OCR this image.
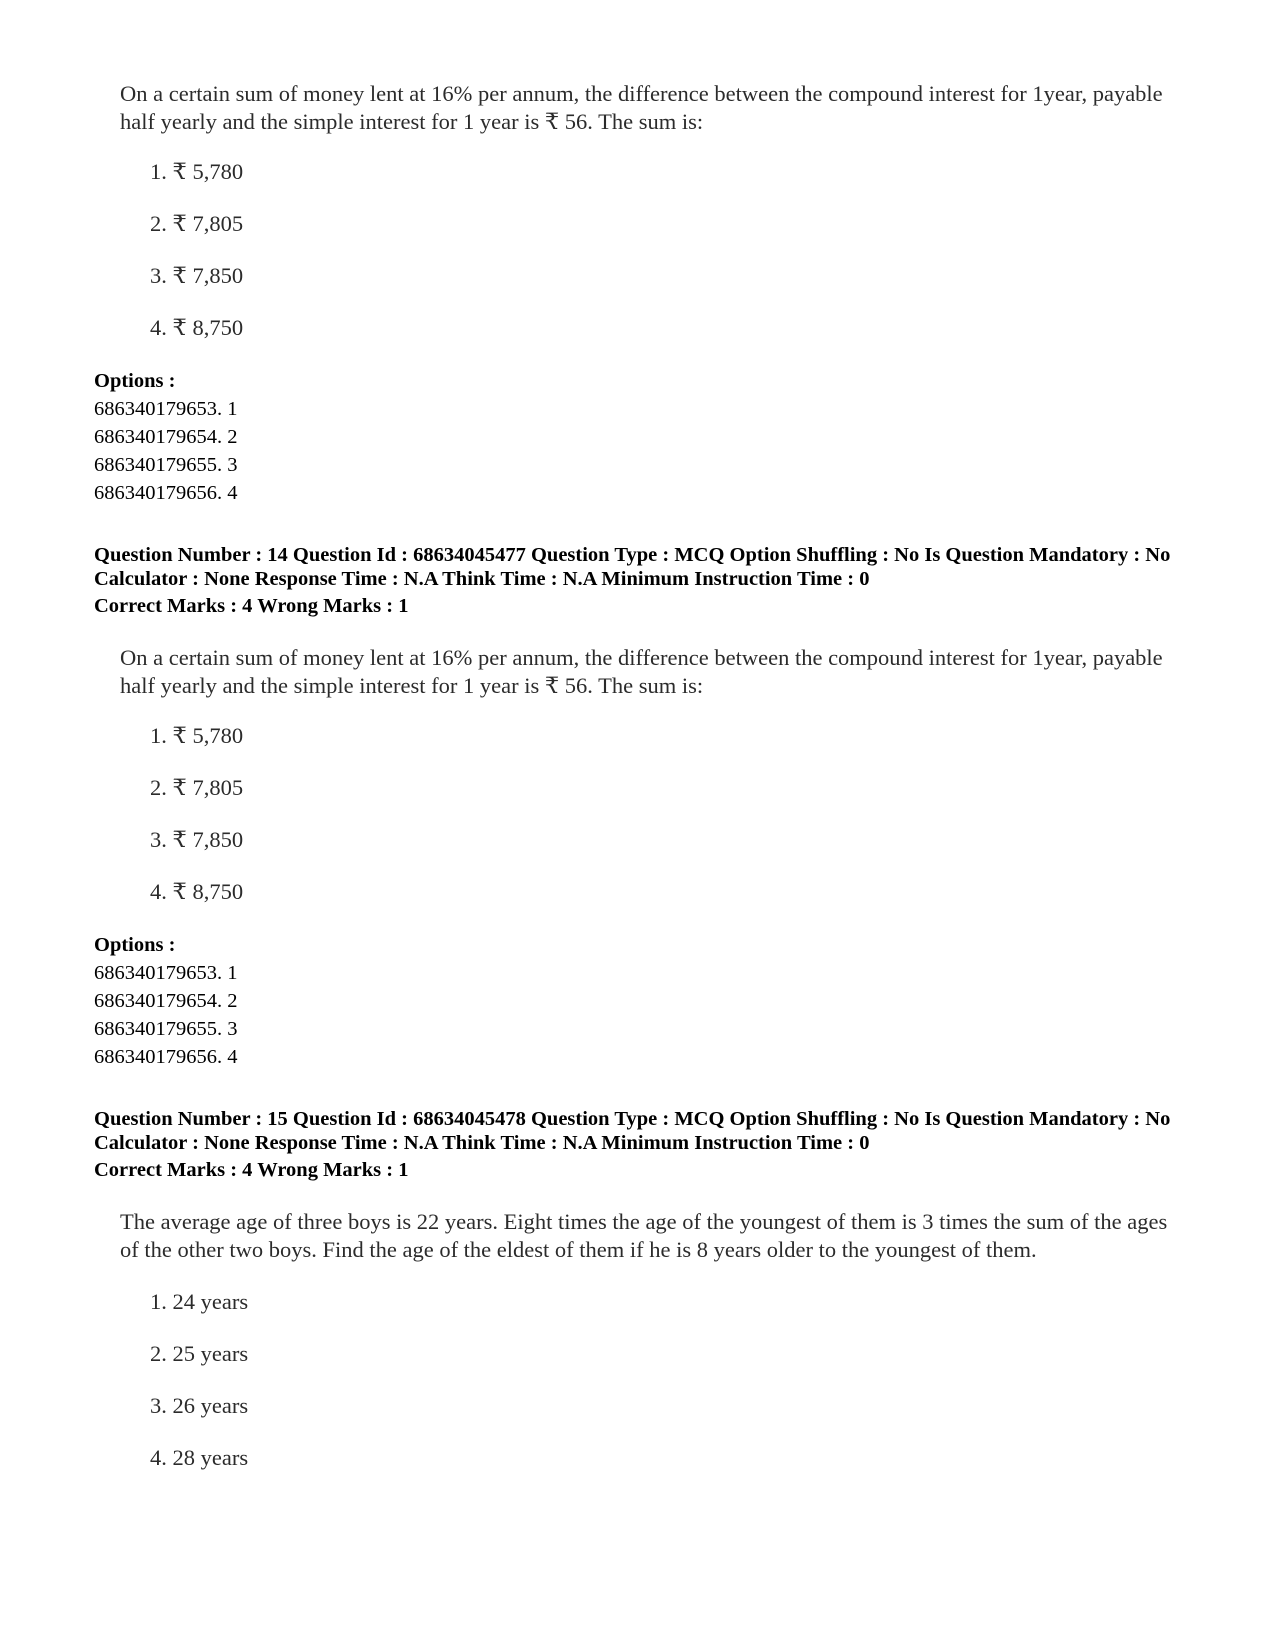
On a certain sum of money lent at 16% per annum, the difference between the compound interest for 1year, payable half yearly and the simple interest for 1 year is ₹ 56. The sum is:

1. ₹ 5,780
2. ₹ 7,805
3. ₹ 7,850
4. ₹ 8,750
Options :
686340179653. 1
686340179654. 2
686340179655. 3
686340179656. 4

Question Number : 14 Question Id : 68634045477 Question Type : MCQ Option Shuffling : No Is Question Mandatory : No Calculator : None Response Time : N.A Think Time : N.A Minimum Instruction Time : 0

Correct Marks : 4 Wrong Marks : 1

On a certain sum of money lent at 16% per annum, the difference between the compound interest for 1year, payable half yearly and the simple interest for 1 year is ₹ 56. The sum is:

1. ₹ 5,780
2. ₹ 7,805
3. ₹ 7,850
4. ₹ 8,750
Options :
686340179653. 1
686340179654. 2
686340179655. 3
686340179656. 4

Question Number : 15 Question Id : 68634045478 Question Type : MCQ Option Shuffling : No Is Question Mandatory : No Calculator : None Response Time : N.A Think Time : N.A Minimum Instruction Time : 0

Correct Marks : 4 Wrong Marks : 1

The average age of three boys is 22 years. Eight times the age of the youngest of them is 3 times the sum of the ages of the other two boys. Find the age of the eldest of them if he is 8 years older to the youngest of them.

1. 24 years
2. 25 years
3. 26 years
4. 28 years
